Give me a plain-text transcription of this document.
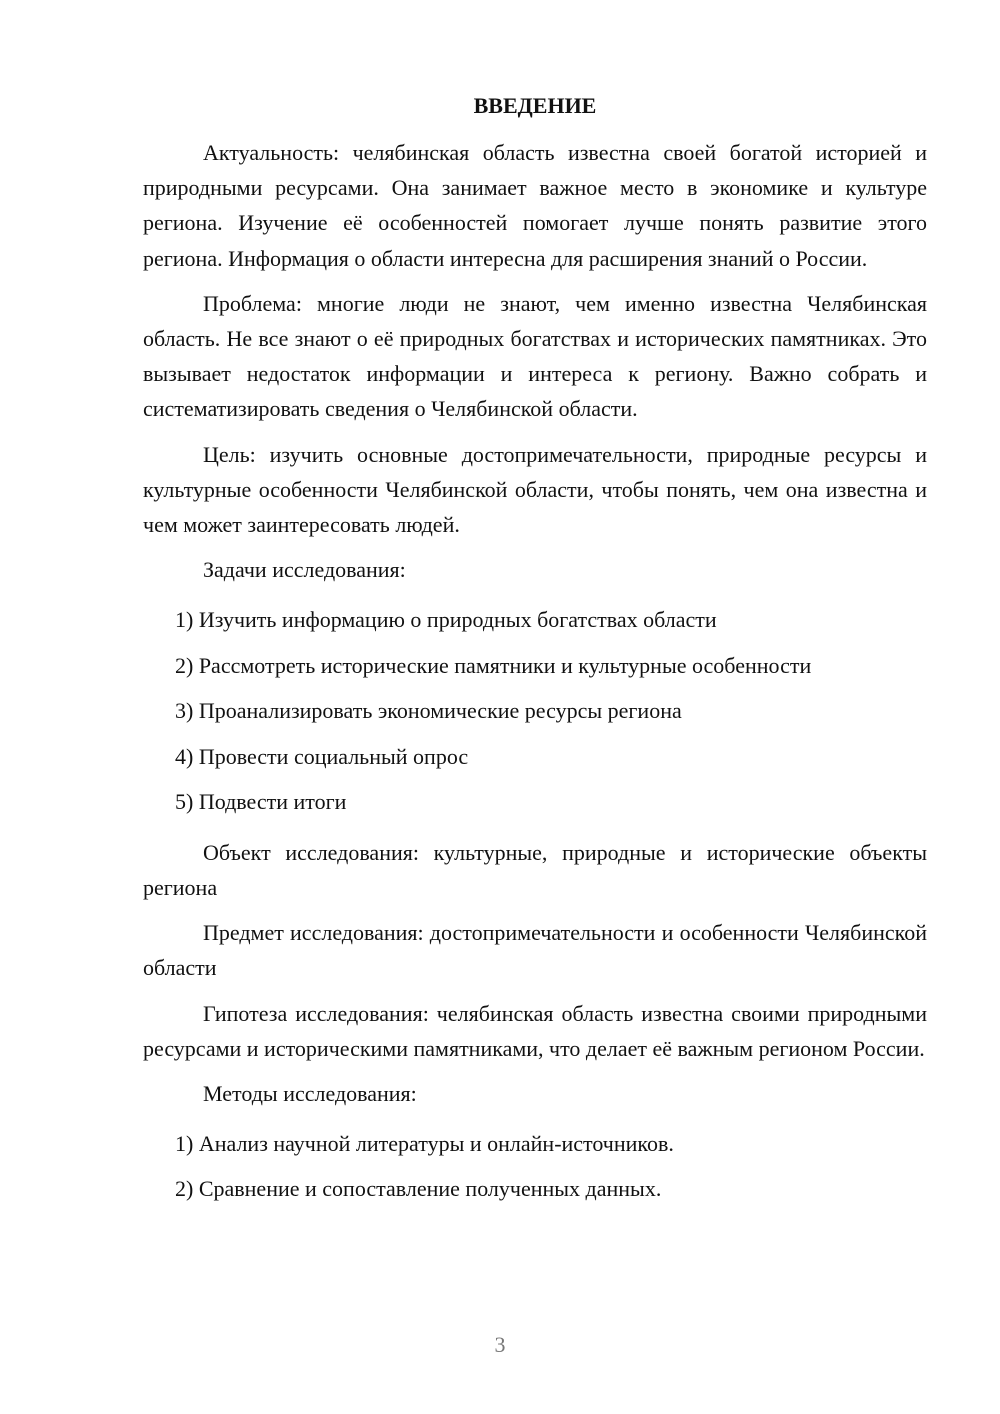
ВВЕДЕНИЕ

Актуальность: челябинская область известна своей богатой историей и природными ресурсами. Она занимает важное место в экономике и культуре региона. Изучение её особенностей помогает лучше понять развитие этого региона. Информация о области интересна для расширения знаний о России.

Проблема: многие люди не знают, чем именно известна Челябинская область. Не все знают о её природных богатствах и исторических памятниках. Это вызывает недостаток информации и интереса к региону. Важно собрать и систематизировать сведения о Челябинской области.

Цель: изучить основные достопримечательности, природные ресурсы и культурные особенности Челябинской области, чтобы понять, чем она известна и чем может заинтересовать людей.

Задачи исследования:

1) Изучить информацию о природных богатствах области
2) Рассмотреть исторические памятники и культурные особенности
3) Проанализировать экономические ресурсы региона
4) Провести социальный опрос
5) Подвести итоги

Объект исследования: культурные, природные и исторические объекты региона

Предмет исследования: достопримечательности и особенности Челябинской области

Гипотеза исследования: челябинская область известна своими природными ресурсами и историческими памятниками, что делает её важным регионом России.

Методы исследования:

1) Анализ научной литературы и онлайн-источников.
2) Сравнение и сопоставление полученных данных.
3
